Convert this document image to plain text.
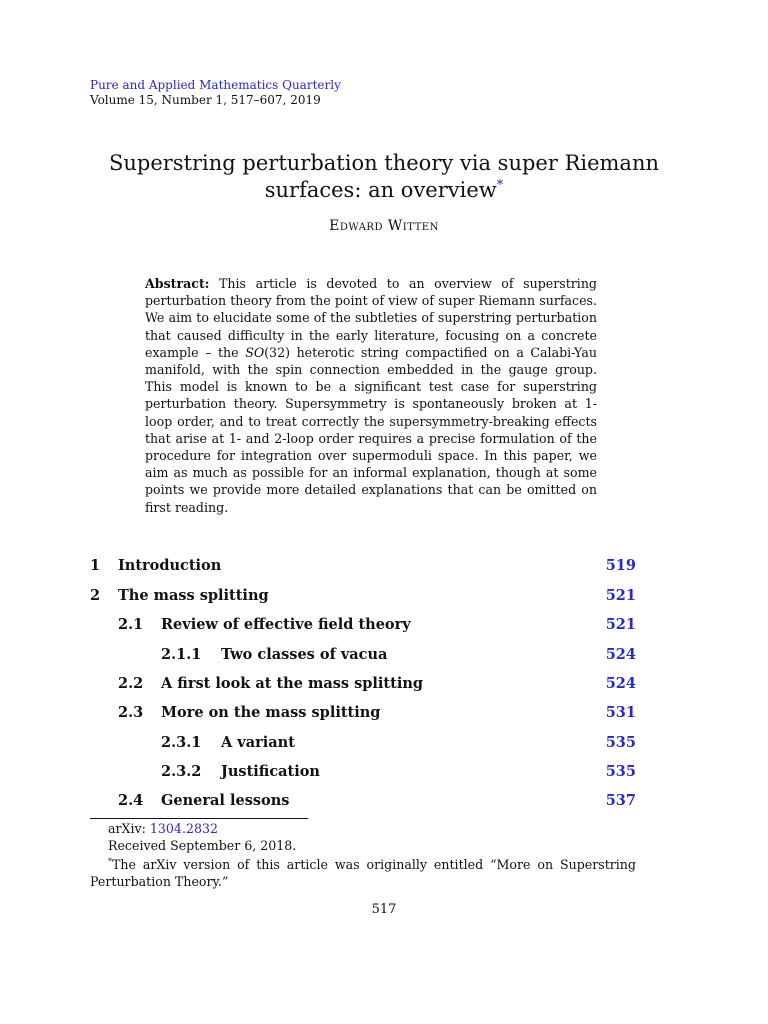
Pure and Applied Mathematics Quarterly
Volume 15, Number 1, 517–607, 2019
Superstring perturbation theory via super Riemann
surfaces: an overview*
Edward Witten

Abstract: This article is devoted to an overview of superstring perturbation theory from the point of view of super Riemann surfaces. We aim to elucidate some of the subtleties of superstring perturbation that caused difficulty in the early literature, focusing on a concrete example – the SO(32) heterotic string compactified on a Calabi-Yau manifold, with the spin connection embedded in the gauge group. This model is known to be a significant test case for superstring perturbation theory. Supersymmetry is spontaneously broken at 1-loop order, and to treat correctly the supersymmetry-breaking effects that arise at 1- and 2-loop order requires a precise formulation of the procedure for integration over supermoduli space. In this paper, we aim as much as possible for an informal explanation, though at some points we provide more detailed explanations that can be omitted on first reading.

1 Introduction	519
2 The mass splitting	521
2.1 Review of effective field theory	521
2.1.1 Two classes of vacua	524
2.2 A first look at the mass splitting	524
2.3 More on the mass splitting	531
2.3.1 A variant	535
2.3.2 Justification	535
2.4 General lessons	537
arXiv: 1304.2832
Received September 6, 2018.
*The arXiv version of this article was originally entitled “More on Superstring Perturbation Theory.”
517
